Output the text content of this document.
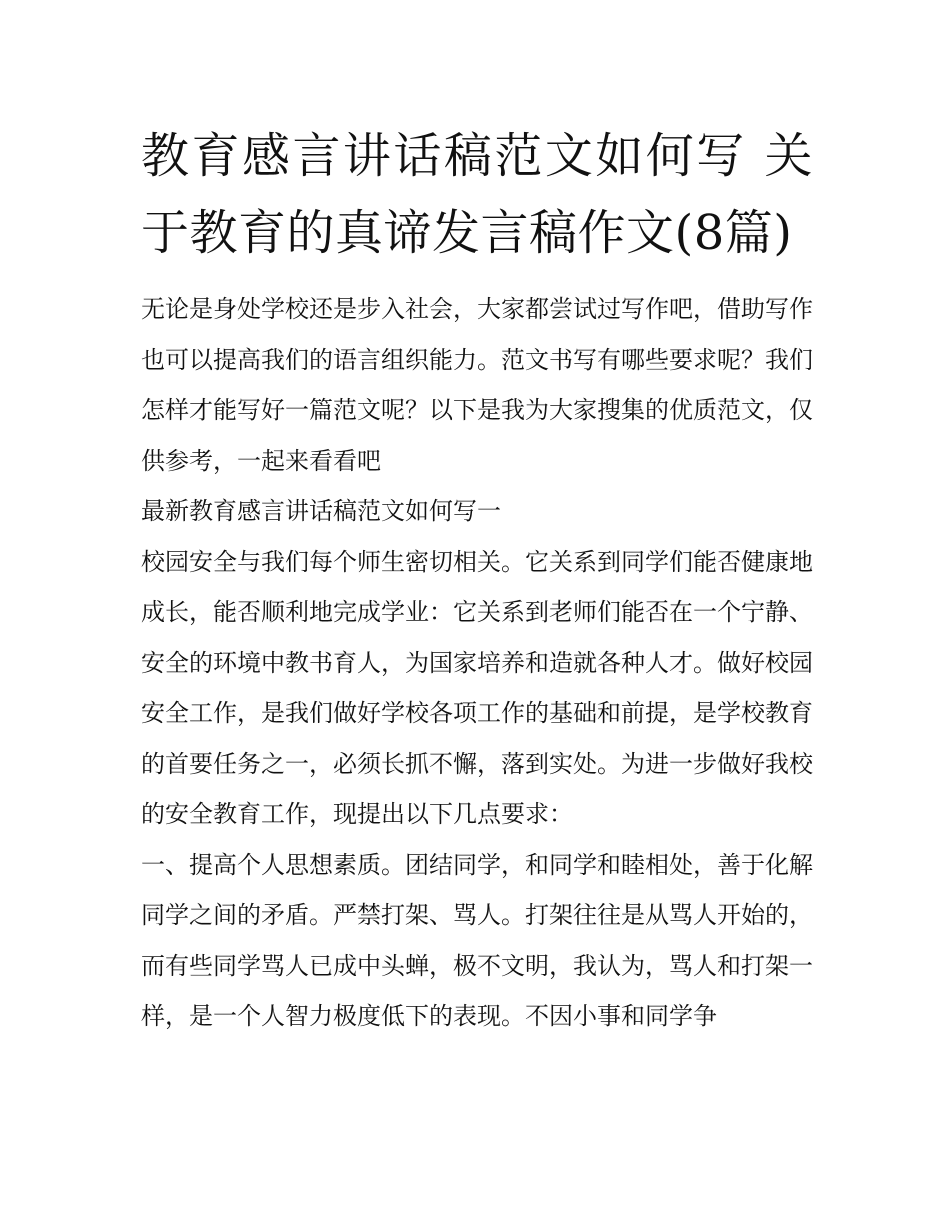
教育感言讲话稿范文如何写 关于教育的真谛发言稿作文(8篇)

无论是身处学校还是步入社会，大家都尝试过写作吧，借助写作也可以提高我们的语言组织能力。范文书写有哪些要求呢？我们怎样才能写好一篇范文呢？以下是我为大家搜集的优质范文，仅供参考，一起来看看吧

最新教育感言讲话稿范文如何写一

校园安全与我们每个师生密切相关。它关系到同学们能否健康地成长，能否顺利地完成学业：它关系到老师们能否在一个宁静、安全的环境中教书育人，为国家培养和造就各种人才。做好校园安全工作，是我们做好学校各项工作的基础和前提，是学校教育的首要任务之一，必须长抓不懈，落到实处。为进一步做好我校的安全教育工作，现提出以下几点要求：

一、提高个人思想素质。团结同学，和同学和睦相处，善于化解同学之间的矛盾。严禁打架、骂人。打架往往是从骂人开始的，而有些同学骂人已成中头蝉，极不文明，我认为，骂人和打架一样，是一个人智力极度低下的表现。不因小事和同学争
